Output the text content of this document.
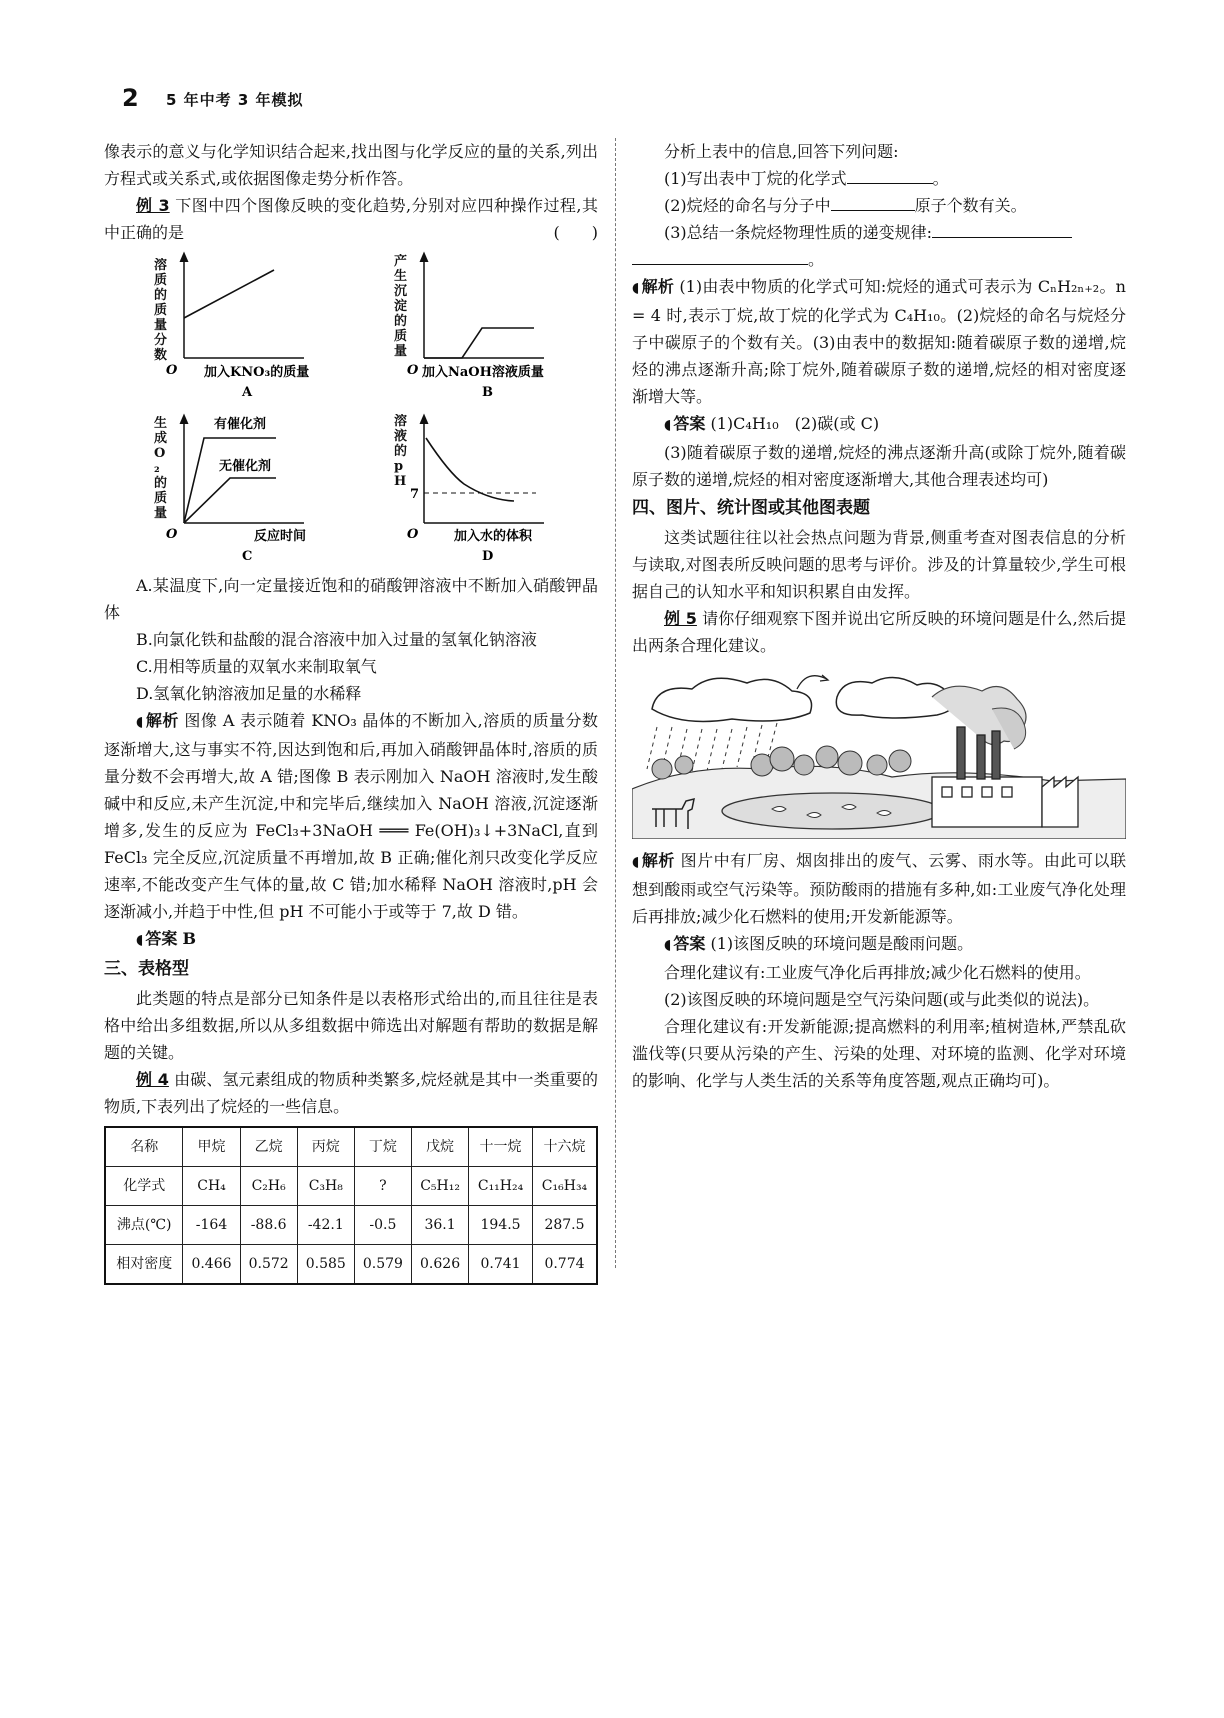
2 5 年中考 3 年模拟

像表示的意义与化学知识结合起来,找出图与化学反应的量的关系,列出方程式或关系式,或依据图像走势分析作答。

例 3 下图中四个图像反映的变化趋势,分别对应四种操作过程,其中正确的是	(　　)

溶质的质量分数
O 加入KNO₃的质量
A
产生沉淀的质量
O 加入NaOH溶液质量
B
生成O₂的质量
有催化剂
无催化剂
O	反应时间
C
溶液的pH
7
O	加入水的体积
D

A.某温度下,向一定量接近饱和的硝酸钾溶液中不断加入硝酸钾晶体

B.向氯化铁和盐酸的混合溶液中加入过量的氢氧化钠溶液

C.用相等质量的双氧水来制取氧气

D.氢氧化钠溶液加足量的水稀释

◖ 解析 图像 A 表示随着 KNO₃ 晶体的不断加入,溶质的质量分数逐渐增大,这与事实不符,因达到饱和后,再加入硝酸钾晶体时,溶质的质量分数不会再增大,故 A 错;图像 B 表示刚加入 NaOH 溶液时,发生酸碱中和反应,未产生沉淀,中和完毕后,继续加入 NaOH 溶液,沉淀逐渐增多,发生的反应为 FeCl₃+3NaOH ═══ Fe(OH)₃↓+3NaCl,直到 FeCl₃ 完全反应,沉淀质量不再增加,故 B 正确;催化剂只改变化学反应速率,不能改变产生气体的量,故 C 错;加水稀释 NaOH 溶液时,pH 会逐渐减小,并趋于中性,但 pH 不可能小于或等于 7,故 D 错。

◖ 答案 B

三、表格型

此类题的特点是部分已知条件是以表格形式给出的,而且往往是表格中给出多组数据,所以从多组数据中筛选出对解题有帮助的数据是解题的关键。

例 4 由碳、氢元素组成的物质种类繁多,烷烃就是其中一类重要的物质,下表列出了烷烃的一些信息。

名称	甲烷	乙烷	丙烷	丁烷	戊烷	十一烷	十六烷
化学式	CH₄	C₂H₆	C₃H₈	?	C₅H₁₂	C₁₁H₂₄	C₁₆H₃₄
沸点(℃)	-164	-88.6	-42.1	-0.5	36.1	194.5	287.5
相对密度	0.466	0.572	0.585	0.579	0.626	0.741	0.774

分析上表中的信息,回答下列问题:

(1)写出表中丁烷的化学式	。

(2)烷烃的命名与分子中	原子个数有关。

(3)总结一条烷烃物理性质的递变规律:

。

◖ 解析 (1)由表中物质的化学式可知:烷烃的通式可表示为 CₙH₂ₙ₊₂。n = 4 时,表示丁烷,故丁烷的化学式为 C₄H₁₀。(2)烷烃的命名与烷烃分子中碳原子的个数有关。(3)由表中的数据知:随着碳原子数的递增,烷烃的沸点逐渐升高;除丁烷外,随着碳原子数的递增,烷烃的相对密度逐渐增大等。

◖ 答案 (1)C₄H₁₀　(2)碳(或 C)

(3)随着碳原子数的递增,烷烃的沸点逐渐升高(或除丁烷外,随着碳原子数的递增,烷烃的相对密度逐渐增大,其他合理表述均可)

四、图片、统计图或其他图表题

这类试题往往以社会热点问题为背景,侧重考查对图表信息的分析与读取,对图表所反映问题的思考与评价。涉及的计算量较少,学生可根据自己的认知水平和知识积累自由发挥。

例 5 请你仔细观察下图并说出它所反映的环境问题是什么,然后提出两条合理化建议。

◖ 解析 图片中有厂房、烟囱排出的废气、云雾、雨水等。由此可以联想到酸雨或空气污染等。预防酸雨的措施有多种,如:工业废气净化处理后再排放;减少化石燃料的使用;开发新能源等。

◖ 答案 (1)该图反映的环境问题是酸雨问题。

合理化建议有:工业废气净化后再排放;减少化石燃料的使用。

(2)该图反映的环境问题是空气污染问题(或与此类似的说法)。

合理化建议有:开发新能源;提高燃料的利用率;植树造林,严禁乱砍滥伐等(只要从污染的产生、污染的处理、对环境的监测、化学对环境的影响、化学与人类生活的关系等角度答题,观点正确均可)。
